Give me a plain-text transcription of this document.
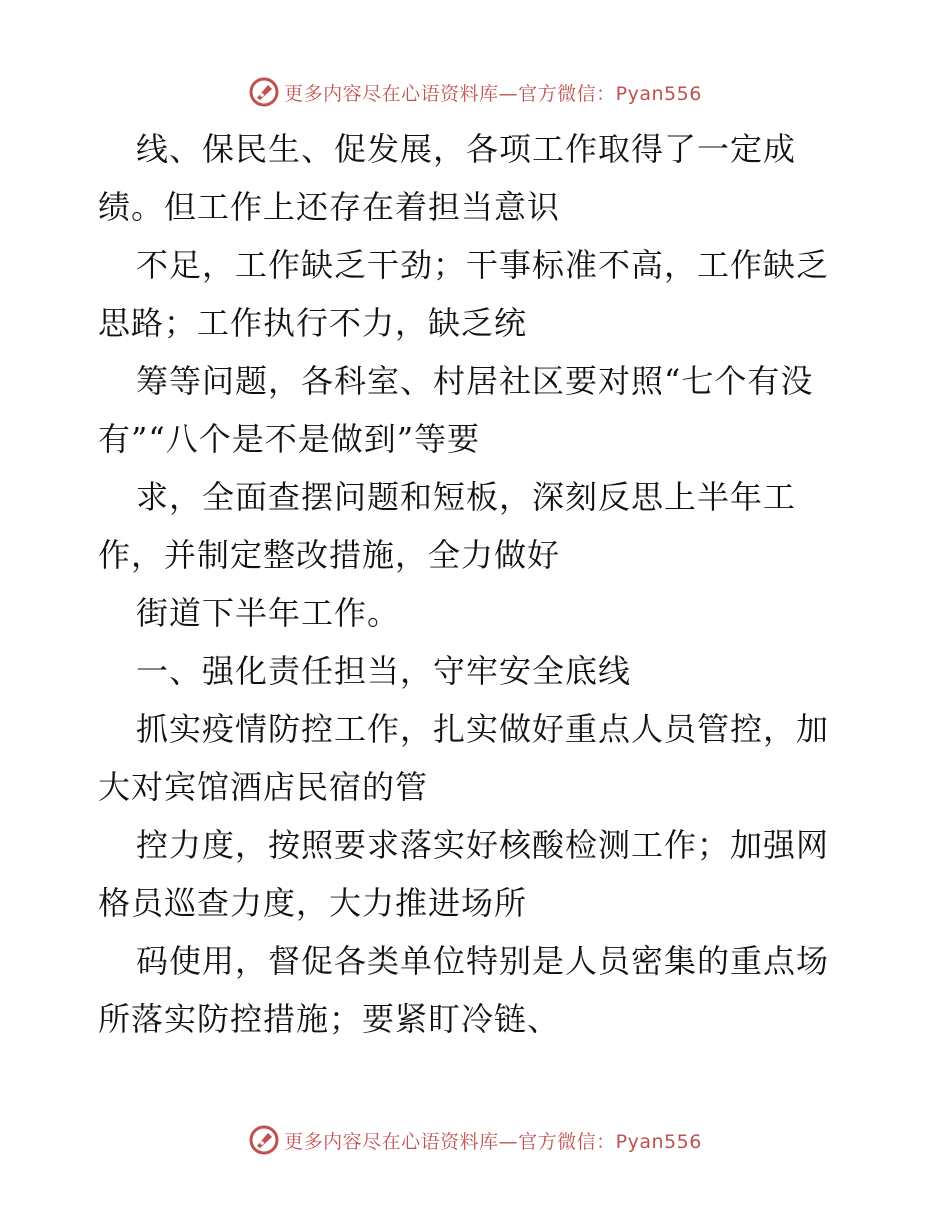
更多内容尽在心语资料库—官方微信：Pyan556
线、保民生、促发展，各项工作取得了一定成
绩。但工作上还存在着担当意识
不足，工作缺乏干劲；干事标准不高，工作缺乏
思路；工作执行不力，缺乏统
筹等问题，各科室、村居社区要对照“七个有没
有”“八个是不是做到”等要
求，全面查摆问题和短板，深刻反思上半年工
作，并制定整改措施，全力做好
街道下半年工作。
一、强化责任担当，守牢安全底线
抓实疫情防控工作，扎实做好重点人员管控，加
大对宾馆酒店民宿的管
控力度，按照要求落实好核酸检测工作；加强网
格员巡查力度，大力推进场所
码使用，督促各类单位特别是人员密集的重点场
所落实防控措施；要紧盯冷链、
更多内容尽在心语资料库—官方微信：Pyan556
